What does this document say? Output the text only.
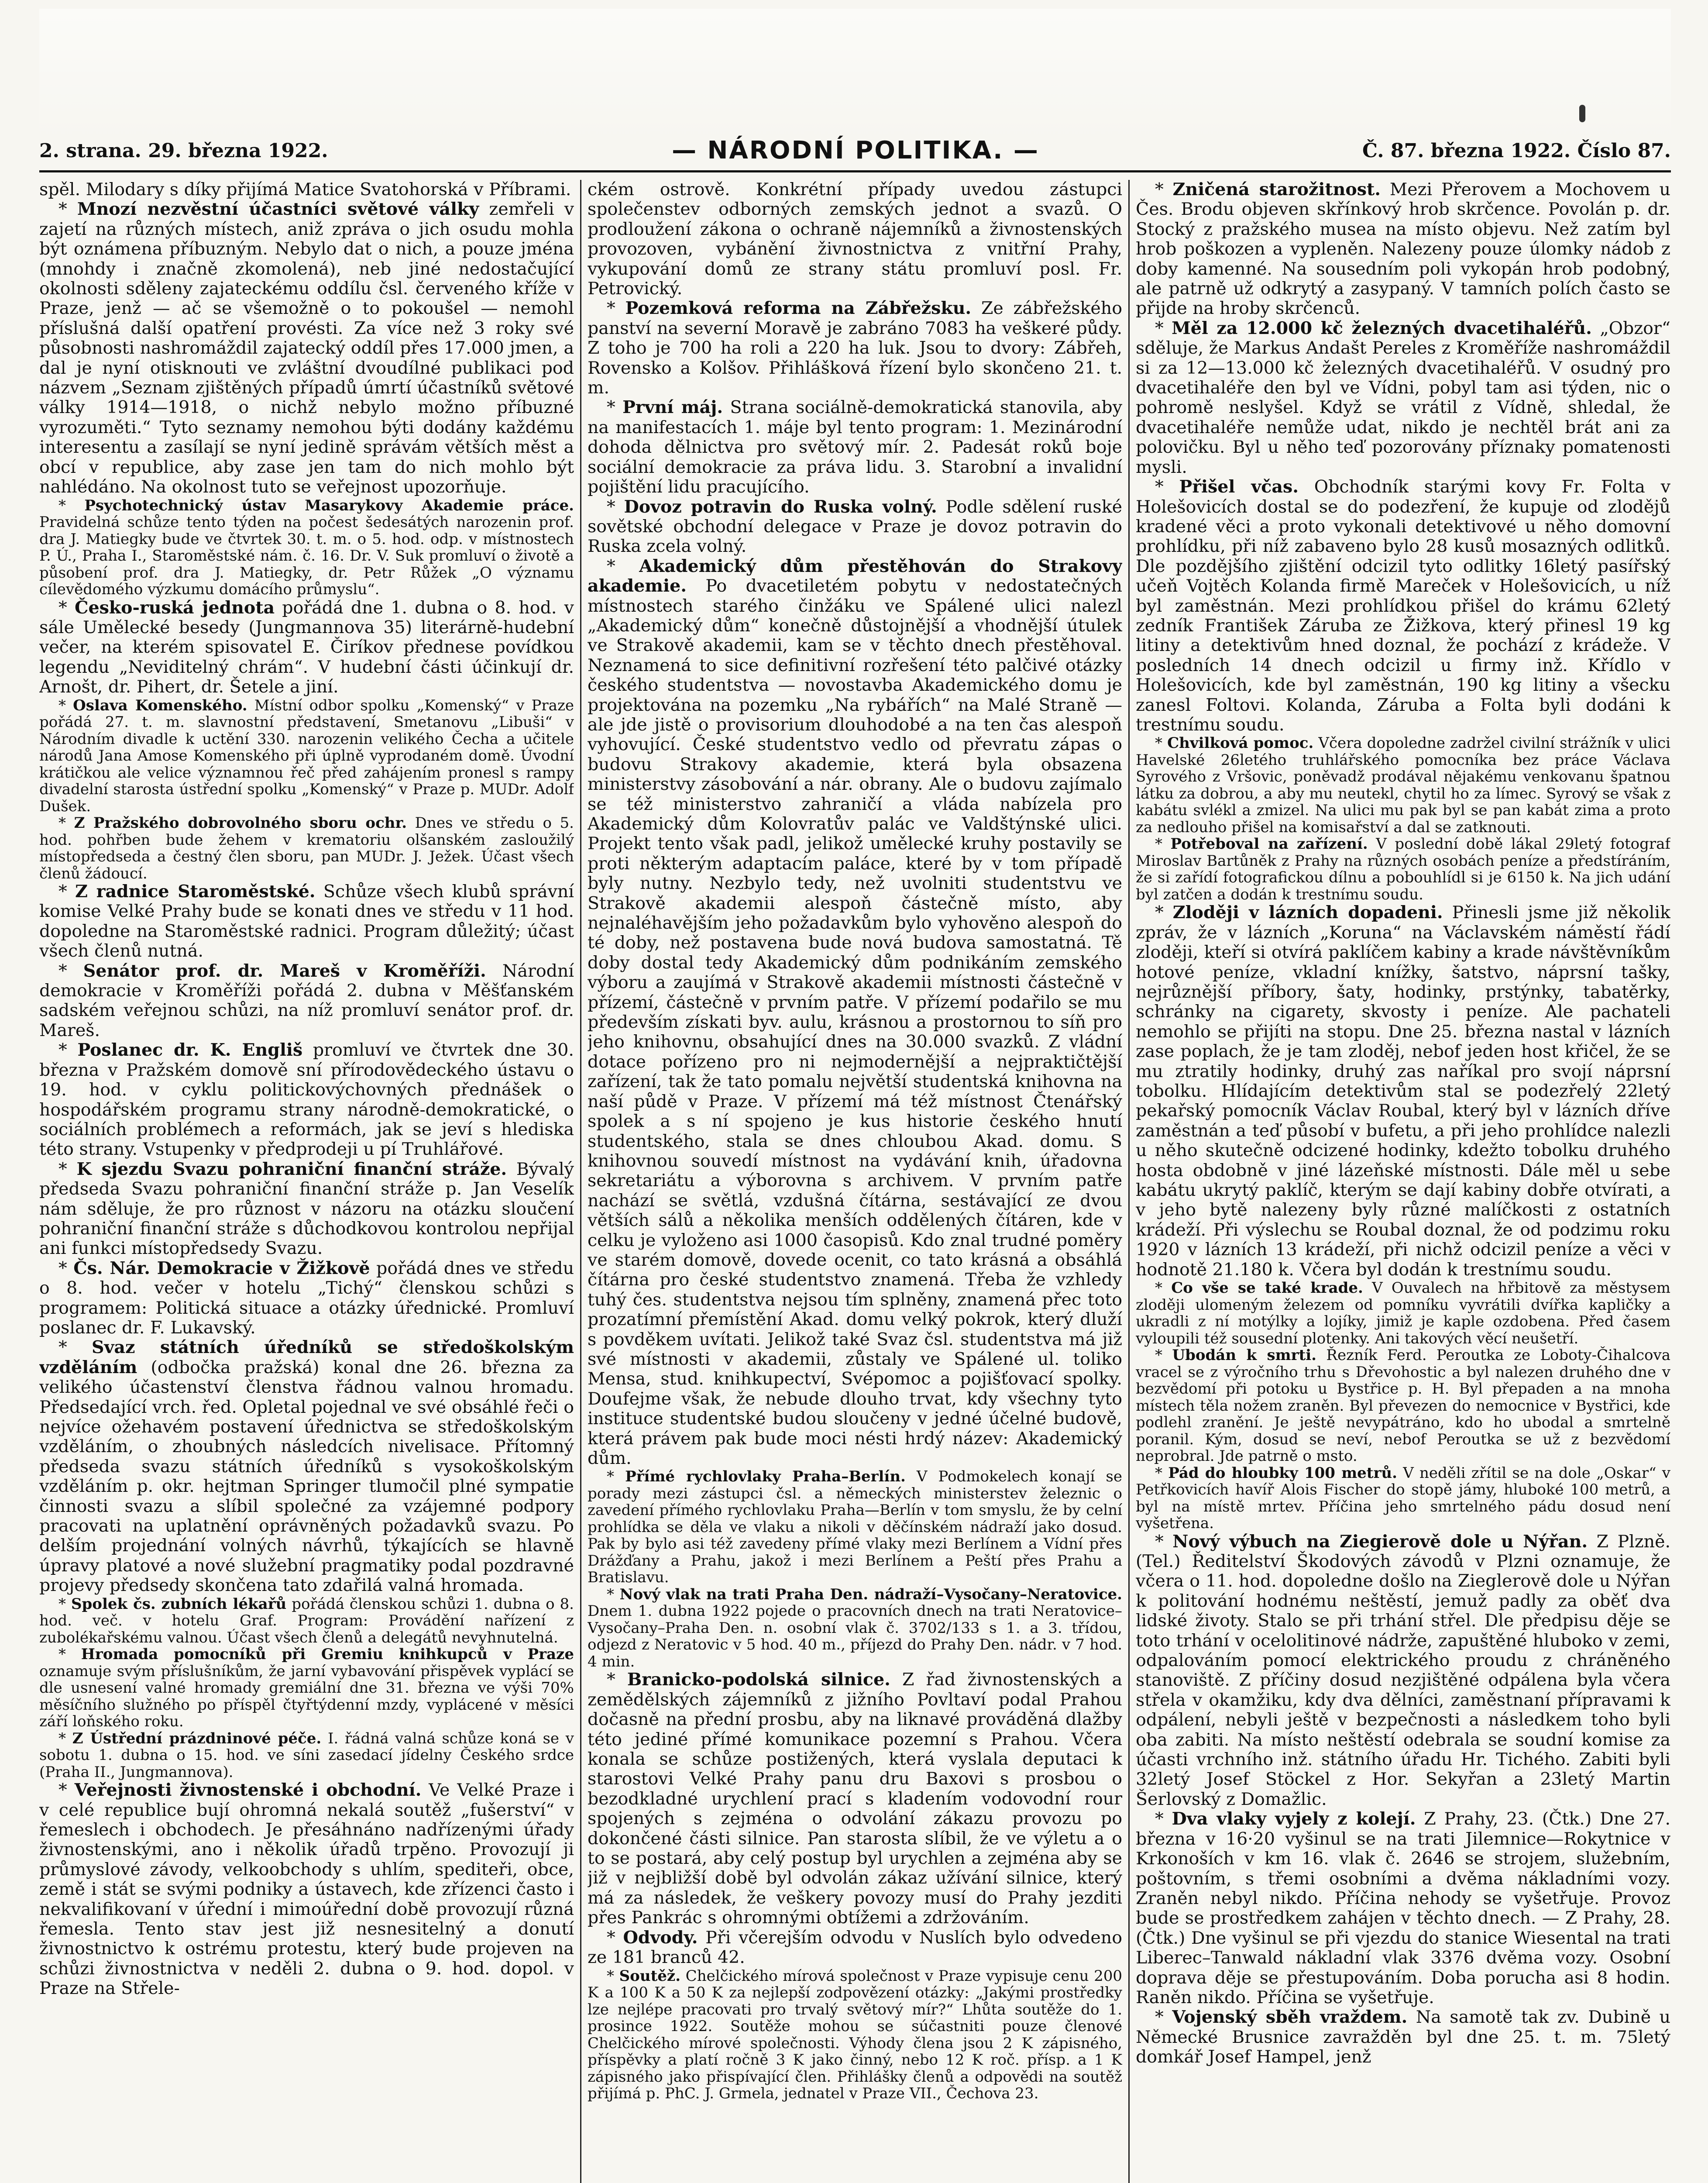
2. strana. 29. března 1922.	— NÁRODNÍ POLITIKA. —	Č. 87. března 1922. Číslo 87.

spěl. Milodary s díky přijímá Matice Svatohorská v Příbrami.

* Mnozí nezvěstní účastníci světové války zemřeli v zajetí na různých místech, aniž zpráva o jich osudu mohla být oznámena příbuzným. Nebylo dat o nich, a pouze jména (mnohdy i značně zkomolená), neb jiné nedostačující okolnosti sděleny zajateckému oddílu čsl. červeného kříže v Praze, jenž — ač se všemožně o to pokoušel — nemohl příslušná další opatření provésti. Za více než 3 roky své působnosti nashromáždil zajatecký oddíl přes 17.000 jmen, a dal je nyní otisknouti ve zvláštní dvoudílné publikaci pod názvem „Seznam zjištěných případů úmrtí účastníků světové války 1914—1918, o nichž nebylo možno příbuzné vyrozuměti.“ Tyto seznamy nemohou býti dodány každému interesentu a zasílají se nyní jedině správám větších měst a obcí v republice, aby zase jen tam do nich mohlo být nahlédáno. Na okolnost tuto se veřejnost upozorňuje.

* Psychotechnický ústav Masarykovy Akademie práce. Pravidelná schůze tento týden na počest šedesátých narozenin prof. dra J. Matiegky bude ve čtvrtek 30. t. m. o 5. hod. odp. v místnostech P. Ú., Praha I., Staroměstské nám. č. 16. Dr. V. Suk promluví o životě a působení prof. dra J. Matiegky, dr. Petr Růžek „O významu cílevědomého výzkumu domácího průmyslu“.

* Česko-ruská jednota pořádá dne 1. dubna o 8. hod. v sále Umělecké besedy (Jungmannova 35) literárně-hudební večer, na kterém spisovatel E. Čiríkov přednese povídkou legendu „Neviditelný chrám“. V hudební části účinkují dr. Arnošt, dr. Pihert, dr. Šetele a jiní.

* Oslava Komenského. Místní odbor spolku „Komenský“ v Praze pořádá 27. t. m. slavnostní představení, Smetanovu „Libuši“ v Národním divadle k uctění 330. narozenin velikého Čecha a učitele národů Jana Amose Komenského při úplně vyprodaném domě. Úvodní krátičkou ale velice významnou řeč před zahájením pronesl s rampy divadelní starosta ústřední spolku „Komenský“ v Praze p. MUDr. Adolf Dušek.

* Z Pražského dobrovolného sboru ochr. Dnes ve středu o 5. hod. pohřben bude žehem v krematoriu olšanském zasloužilý místopředseda a čestný člen sboru, pan MUDr. J. Ježek. Účast všech členů žádoucí.

* Z radnice Staroměstské. Schůze všech klubů správní komise Velké Prahy bude se konati dnes ve středu v 11 hod. dopoledne na Staroměstské radnici. Program důležitý; účast všech členů nutná.

* Senátor prof. dr. Mareš v Kroměříži. Národní demokracie v Kroměříži pořádá 2. dubna v Měšťanském sadském veřejnou schůzi, na níž promluví senátor prof. dr. Mareš.

* Poslanec dr. K. Engliš promluví ve čtvrtek dne 30. března v Pražském domově sní přírodovědeckého ústavu o 19. hod. v cyklu politickovýchovných přednášek o hospodářském programu strany národně-demokratické, o sociálních problémech a reformách, jak se jeví s hlediska této strany. Vstupenky v předprodeji u pí Truhlářové.

* K sjezdu Svazu pohraniční finanční stráže. Bývalý předseda Svazu pohraniční finanční stráže p. Jan Veselík nám sděluje, že pro různost v názoru na otázku sloučení pohraniční finanční stráže s důchodkovou kontrolou nepřijal ani funkci místopředsedy Svazu.

* Čs. Nár. Demokracie v Žižkově pořádá dnes ve středu o 8. hod. večer v hotelu „Tichý“ členskou schůzi s programem: Politická situace a otázky úřednické. Promluví poslanec dr. F. Lukavský.

* Svaz státních úředníků se středoškolským vzděláním (odbočka pražská) konal dne 26. března za velikého účastenství členstva řádnou valnou hromadu. Předsedající vrch. řed. Opletal pojednal ve své obsáhlé řeči o nejvíce ožehavém postavení úřednictva se středoškolským vzděláním, o zhoubných následcích nivelisace. Přítomný předseda svazu státních úředníků s vysokoškolským vzděláním p. okr. hejtman Springer tlumočil plné sympatie činnosti svazu a slíbil společné za vzájemné podpory pracovati na uplatnění oprávněných požadavků svazu. Po delším projednání volných návrhů, týkajících se hlavně úpravy platové a nové služební pragmatiky podal pozdravné projevy předsedy skončena tato zdařilá valná hromada.

* Spolek čs. zubních lékařů pořádá členskou schůzi 1. dubna o 8. hod. več. v hotelu Graf. Program: Provádění nařízení z zubolékařskému valnou. Účast všech členů a delegátů nevyhnutelná.

* Hromada pomocníků při Gremiu knihkupců v Praze oznamuje svým příslušníkům, že jarní vybavování přispěvek vyplácí se dle usnesení valné hromady gremiální dne 31. března ve výši 70% měsíčního služného po příspěl čtyřtýdenní mzdy, vyplácené v měsíci září loňského roku.

* Z Ústřední prázdninové péče. I. řádná valná schůze koná se v sobotu 1. dubna o 15. hod. ve síni zasedací jídelny Českého srdce (Praha II., Jungmannova).

* Veřejnosti živnostenské i obchodní. Ve Velké Praze i v celé republice bují ohromná nekalá soutěž „fušerství“ v řemeslech i obchodech. Je přesáhnáno nadřízenými úřady živnostenskými, ano i několik úřadů trpěno. Provozují ji průmyslové závody, velkoobchody s uhlím, spediteři, obce, země i stát se svými podniky a ústavech, kde zřízenci často i nekvalifikovaní v úřední i mimoúřední době provozují různá řemesla. Tento stav jest již nesnesitelný a donutí živnostnictvo k ostrému protestu, který bude projeven na schůzi živnostnictva v neděli 2. dubna o 9. hod. dopol. v Praze na Střele-

ckém ostrově. Konkrétní případy uvedou zástupci společenstev odborných zemských jednot a svazů. O prodloužení zákona o ochraně nájemníků a živnostenských provozoven, vybánění živnostnictva z vnitřní Prahy, vykupování domů ze strany státu promluví posl. Fr. Petrovický.

* Pozemková reforma na Zábřežsku. Ze zábřežského panství na severní Moravě je zabráno 7083 ha veškeré půdy. Z toho je 700 ha roli a 220 ha luk. Jsou to dvory: Zábřeh, Rovensko a Kolšov. Přihlášková řízení bylo skončeno 21. t. m.

* První máj. Strana sociálně-demokratická stanovila, aby na manifestacích 1. máje byl tento program: 1. Mezinárodní dohoda dělnictva pro světový mír. 2. Padesát roků boje sociální demokracie za práva lidu. 3. Starobní a invalidní pojištění lidu pracujícího.

* Dovoz potravin do Ruska volný. Podle sdělení ruské sovětské obchodní delegace v Praze je dovoz potravin do Ruska zcela volný.

* Akademický dům přestěhován do Strakovy akademie. Po dvacetiletém pobytu v nedostatečných místnostech starého činžáku ve Spálené ulici nalezl „Akademický dům“ konečně důstojnější a vhodnější útulek ve Strakově akademii, kam se v těchto dnech přestěhoval. Neznamená to sice definitivní rozřešení této palčivé otázky českého studentstva — novostavba Akademického domu je projektována na pozemku „Na rybářích“ na Malé Straně — ale jde jistě o provisorium dlouhodobé a na ten čas alespoň vyhovující. České studentstvo vedlo od převratu zápas o budovu Strakovy akademie, která byla obsazena ministerstvy zásobování a nár. obrany. Ale o budovu zajímalo se též ministerstvo zahraničí a vláda nabízela pro Akademický dům Kolovratův palác ve Valdštýnské ulici. Projekt tento však padl, jelikož umělecké kruhy postavily se proti některým adaptacím paláce, které by v tom případě byly nutny. Nezbylo tedy, než uvolniti studentstvu ve Strakově akademii alespoň částečně místo, aby nejnaléhavějším jeho požadavkům bylo vyhověno alespoň do té doby, než postavena bude nová budova samostatná. Tě doby dostal tedy Akademický dům podnikáním zemského výboru a zaujímá v Strakově akademii místnosti částečně v přízemí, částečně v prvním patře. V přízemí podařilo se mu především získati byv. aulu, krásnou a prostornou to síň pro jeho knihovnu, obsahující dnes na 30.000 svazků. Z vládní dotace pořízeno pro ni nejmodernější a nejpraktičtější zařízení, tak že tato pomalu největší studentská knihovna na naší půdě v Praze. V přízemí má též místnost Čtenářský spolek a s ní spojeno je kus historie českého hnutí studentského, stala se dnes chloubou Akad. domu. S knihovnou souvedí místnost na vydávání knih, úřadovna sekretariátu a výborovna s archivem. V prvním patře nachází se světlá, vzdušná čítárna, sestávající ze dvou větších sálů a několika menších oddělených čítáren, kde v celku je vyloženo asi 1000 časopisů. Kdo znal trudné poměry ve starém domově, dovede ocenit, co tato krásná a obsáhlá čítárna pro české studentstvo znamená. Třeba že vzhledy tuhý čes. studentstva nejsou tím splněny, znamená přec toto prozatímní přemístění Akad. domu velký pokrok, který dluží s povděkem uvítati. Jelikož také Svaz čsl. studentstva má již své místnosti v akademii, zůstaly ve Spálené ul. toliko Mensa, stud. knihkupectví, Svépomoc a pojišťovací spolky. Doufejme však, že nebude dlouho trvat, kdy všechny tyto instituce studentské budou sloučeny v jedné účelné budově, která právem pak bude moci nésti hrdý název: Akademický dům.

* Přímé rychlovlaky Praha–Berlín. V Podmokelech konají se porady mezi zástupci čsl. a německých ministerstev železnic o zavedení přímého rychlovlaku Praha—Berlín v tom smyslu, že by celní prohlídka se děla ve vlaku a nikoli v děčínském nádraží jako dosud. Pak by bylo asi též zavedeny přímé vlaky mezi Berlínem a Vídní přes Drážďany a Prahu, jakož i mezi Berlínem a Peští přes Prahu a Bratislavu.

* Nový vlak na trati Praha Den. nádraží–Vysočany–Neratovice. Dnem 1. dubna 1922 pojede o pracovních dnech na trati Neratovice–Vysočany–Praha Den. n. osobní vlak č. 3702/133 s 1. a 3. třídou, odjezd z Neratovic v 5 hod. 40 m., příjezd do Prahy Den. nádr. v 7 hod. 4 min.

* Branicko-podolská silnice. Z řad živnostenských a zemědělských zájemníků z jižního Povltaví podal Prahou dočasně na přední prosbu, aby na liknavé prováděná dlažby této jediné přímé komunikace pozemní s Prahou. Včera konala se schůze postižených, která vyslala deputaci k starostovi Velké Prahy panu dru Baxovi s prosbou o bezodkladné urychlení prací s kladením vodovodní rour spojených s zejména o odvolání zákazu provozu po dokončené části silnice. Pan starosta slíbil, že ve výletu a o to se postará, aby celý postup byl urychlen a zejména aby se již v nejbližší době byl odvolán zákaz užívání silnice, který má za následek, že veškery povozy musí do Prahy jezditi přes Pankrác s ohromnými obtížemi a zdržováním.

* Odvody. Při včerejším odvodu v Nuslích bylo odvedeno ze 181 branců 42.

* Soutěž. Chelčického mírová společnost v Praze vypisuje cenu 200 K a 100 K a 50 K za nejlepší zodpovězení otázky: „Jakými prostředky lze nejlépe pracovati pro trvalý světový mír?“ Lhůta soutěže do 1. prosince 1922. Soutěže mohou se súčastniti pouze členové Chelčického mírové společnosti. Výhody člena jsou 2 K zápisného, příspěvky a platí ročně 3 K jako činný, nebo 12 K roč. přísp. a 1 K zápisného jako přispívající člen. Přihlášky členů a odpovědi na soutěž přijímá p. PhC. J. Grmela, jednatel v Praze VII., Čechova 23.

* Zničená starožitnost. Mezi Přerovem a Mochovem u Čes. Brodu objeven skřínkový hrob skrčence. Povolán p. dr. Stocký z pražského musea na místo objevu. Než zatím byl hrob poškozen a vypleněn. Nalezeny pouze úlomky nádob z doby kamenné. Na sousedním poli vykopán hrob podobný, ale patrně už odkrytý a zasypaný. V tamních polích často se přijde na hroby skrčenců.

* Měl za 12.000 kč železných dvacetihaléřů. „Obzor“ sděluje, že Markus Andašt Pereles z Kroměříže nashromáždil si za 12—13.000 kč železných dvacetihaléřů. V osudný pro dvacetihaléře den byl ve Vídni, pobyl tam asi týden, nic o pohromě neslyšel. Když se vrátil z Vídně, shledal, že dvacetihaléře nemůže udat, nikdo je nechtěl brát ani za polovičku. Byl u něho teď pozorovány příznaky pomatenosti mysli.

* Přišel včas. Obchodník starými kovy Fr. Folta v Holešovicích dostal se do podezření, že kupuje od zlodějů kradené věci a proto vykonali detektivové u něho domovní prohlídku, při níž zabaveno bylo 28 kusů mosazných odlitků. Dle pozdějšího zjištění odcizil tyto odlitky 16letý pasířský učeň Vojtěch Kolanda firmě Mareček v Holešovicích, u níž byl zaměstnán. Mezi prohlídkou přišel do krámu 62letý zedník František Záruba ze Žižkova, který přinesl 19 kg litiny a detektivům hned doznal, že pochází z krádeže. V posledních 14 dnech odcizil u firmy inž. Křídlo v Holešovicích, kde byl zaměstnán, 190 kg litiny a všecku zanesl Foltovi. Kolanda, Záruba a Folta byli dodáni k trestnímu soudu.

* Chvilková pomoc. Včera dopoledne zadržel civilní strážník v ulici Havelské 26letého truhlářského pomocníka bez práce Václava Syrového z Vršovic, poněvadž prodával nějakému venkovanu špatnou látku za dobrou, a aby mu neutekl, chytil ho za límec. Syrový se však z kabátu svlékl a zmizel. Na ulici mu pak byl se pan kabát zima a proto za nedlouho přišel na komisařství a dal se zatknouti.

* Potřeboval na zařízení. V poslední době lákal 29letý fotograf Miroslav Bartůněk z Prahy na různých osobách peníze a předstíráním, že si zařídí fotografickou dílnu a pobouhlídl si je 6150 k. Na jich udání byl zatčen a dodán k trestnímu soudu.

* Zloději v lázních dopadeni. Přinesli jsme již několik zpráv, že v lázních „Koruna“ na Václavském náměstí řádí zloději, kteří si otvírá paklíčem kabiny a krade návštěvníkům hotové peníze, vkladní knížky, šatstvo, náprsní tašky, nejrůznější příbory, šaty, hodinky, prstýnky, tabatěrky, schránky na cigarety, skvosty i peníze. Ale pachateli nemohlo se přijíti na stopu. Dne 25. března nastal v lázních zase poplach, že je tam zloděj, nebof jeden host křičel, že se mu ztratily hodinky, druhý zas naříkal pro svojí náprsní tobolku. Hlídajícím detektivům stal se podezřelý 22letý pekařský pomocník Václav Roubal, který byl v lázních dříve zaměstnán a teď působí v bufetu, a při jeho prohlídce nalezli u něho skutečně odcizené hodinky, kdežto tobolku druhého hosta obdobně v jiné lázeňské místnosti. Dále měl u sebe kabátu ukrytý paklíč, kterým se dají kabiny dobře otvírati, a v jeho bytě nalezeny byly různé malíčkosti z ostatních krádeží. Při výslechu se Roubal doznal, že od podzimu roku 1920 v lázních 13 krádeží, při nichž odcizil peníze a věci v hodnotě 21.180 k. Včera byl dodán k trestnímu soudu.

* Co vše se také krade. V Ouvalech na hřbitově za městysem zloději ulomeným železem od pomníku vyvrátili dvířka kapličky a ukradli z ní motýlky a lojíky, jimiž je kaple ozdobena. Před časem vyloupili též sousední plotenky. Ani takových věcí neušetří.

* Ubodán k smrti. Řezník Ferd. Peroutka ze Loboty-Čihalcova vracel se z výročního trhu s Dřevohostic a byl nalezen druhého dne v bezvědomí při potoku u Bystřice p. H. Byl přepaden a na mnoha místech těla nožem zraněn. Byl převezen do nemocnice v Bystřici, kde podlehl zranění. Je ještě nevypátráno, kdo ho ubodal a smrtelně poranil. Kým, dosud se neví, nebof Peroutka se už z bezvědomí neprobral. Jde patrně o msto.

* Pád do hloubky 100 metrů. V neděli zřítil se na dole „Oskar“ v Petřkovicích havíř Alois Fischer do stopě jámy, hluboké 100 metrů, a byl na místě mrtev. Příčina jeho smrtelného pádu dosud není vyšetřena.

* Nový výbuch na Ziegierově dole u Nýřan. Z Plzně. (Tel.) Ředitelství Škodových závodů v Plzni oznamuje, že včera o 11. hod. dopoledne došlo na Zieglerově dole u Nýřan k politování hodnému neštěstí, jemuž padly za oběť dva lidské životy. Stalo se při trhání střel. Dle předpisu děje se toto trhání v ocelolitinové nádrže, zapuštěné hluboko v zemi, odpalováním pomocí elektrického proudu z chráněného stanoviště. Z příčiny dosud nezjištěné odpálena byla včera střela v okamžiku, kdy dva dělníci, zaměstnaní přípravami k odpálení, nebyli ještě v bezpečnosti a následkem toho byli oba zabiti. Na místo neštěstí odebrala se soudní komise za účasti vrchního inž. státního úřadu Hr. Tichého. Zabiti byli 32letý Josef Stöckel z Hor. Sekyřan a 23letý Martin Šerlovský z Domažlic.

* Dva vlaky vyjely z kolejí. Z Prahy, 23. (Čtk.) Dne 27. března v 16·20 vyšinul se na trati Jilemnice—Rokytnice v Krkonoších v km 16. vlak č. 2646 se strojem, služebním, poštovním, s třemi osobními a dvěma nákladními vozy. Zraněn nebyl nikdo. Příčina nehody se vyšetřuje. Provoz bude se prostředkem zahájen v těchto dnech. — Z Prahy, 28. (Čtk.) Dne vyšinul se při vjezdu do stanice Wiesental na trati Liberec–Tanwald nákladní vlak 3376 dvěma vozy. Osobní doprava děje se přestupováním. Doba porucha asi 8 hodin. Raněn nikdo. Příčina se vyšetřuje.

* Vojenský sběh vraždem. Na samotě tak zv. Dubině u Německé Brusnice zavražděn byl dne 25. t. m. 75letý domkář Josef Hampel, jenž
